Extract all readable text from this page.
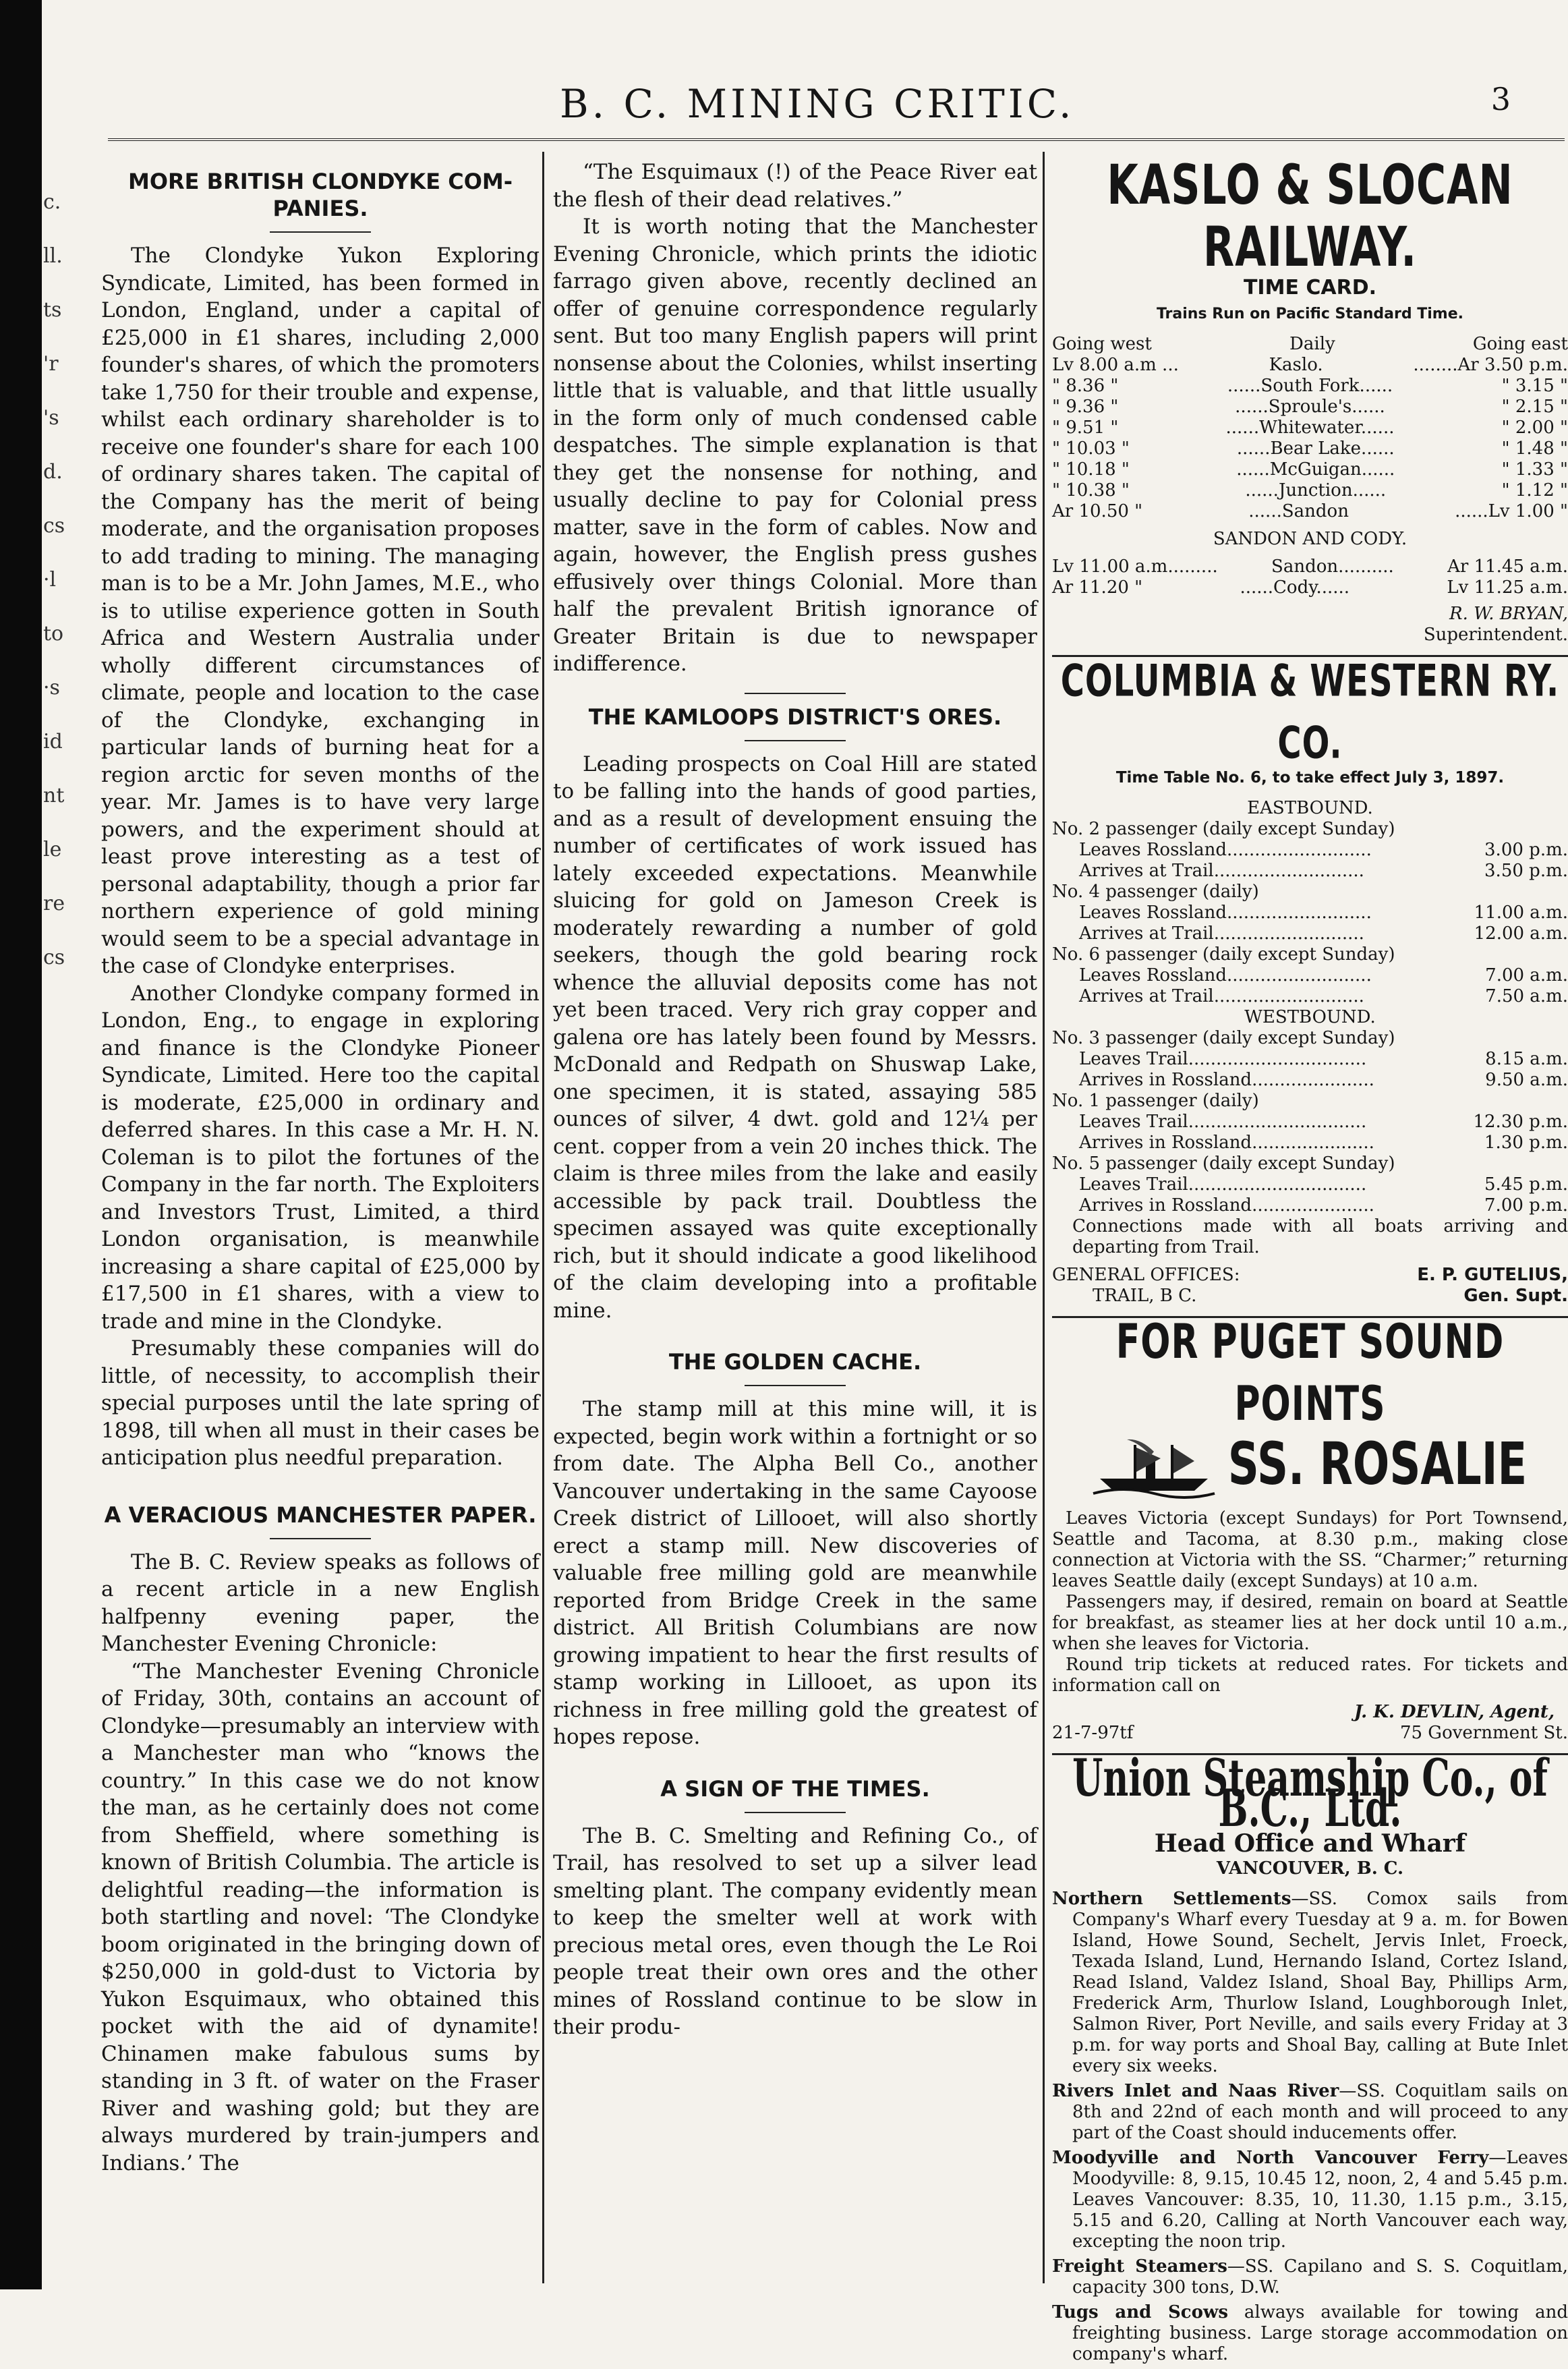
c.
ll.
ts
'r
's
d.
cs
·l
to
·s
id
nt
le
re
cs
B. C. MINING CRITIC.	3
MORE BRITISH CLONDYKE COM-PANIES.

The Clondyke Yukon Exploring Syndicate, Limited, has been formed in London, England, under a capital of £25,000 in £1 shares, including 2,000 founder's shares, of which the promoters take 1,750 for their trouble and expense, whilst each ordinary shareholder is to receive one founder's share for each 100 of ordinary shares taken. The capital of the Company has the merit of being moderate, and the organisation proposes to add trading to mining. The managing man is to be a Mr. John James, M.E., who is to utilise experience gotten in South Africa and Western Australia under wholly different circumstances of climate, people and location to the case of the Clondyke, exchanging in particular lands of burning heat for a region arctic for seven months of the year. Mr. James is to have very large powers, and the experiment should at least prove interesting as a test of personal adaptability, though a prior far northern experience of gold mining would seem to be a special advantage in the case of Clondyke enterprises.

Another Clondyke company formed in London, Eng., to engage in exploring and finance is the Clondyke Pioneer Syndicate, Limited. Here too the capital is moderate, £25,000 in ordinary and deferred shares. In this case a Mr. H. N. Coleman is to pilot the fortunes of the Company in the far north. The Exploiters and Investors Trust, Limited, a third London organisation, is meanwhile increasing a share capital of £25,000 by £17,500 in £1 shares, with a view to trade and mine in the Clondyke.

Presumably these companies will do little, of necessity, to accomplish their special purposes until the late spring of 1898, till when all must in their cases be anticipation plus needful preparation.

A VERACIOUS MANCHESTER PAPER.

The B. C. Review speaks as follows of a recent article in a new English halfpenny evening paper, the Manchester Evening Chronicle:

“The Manchester Evening Chronicle of Friday, 30th, contains an account of Clondyke—presumably an interview with a Manchester man who “knows the country.” In this case we do not know the man, as he certainly does not come from Sheffield, where something is known of British Columbia. The article is delightful reading—the information is both startling and novel: ‘The Clondyke boom originated in the bringing down of $250,000 in gold-dust to Victoria by Yukon Esquimaux, who obtained this pocket with the aid of dynamite! Chinamen make fabulous sums by standing in 3 ft. of water on the Fraser River and washing gold; but they are always murdered by train-jumpers and Indians.’ The

“The Esquimaux (!) of the Peace River eat the flesh of their dead relatives.”

It is worth noting that the Manchester Evening Chronicle, which prints the idiotic farrago given above, recently declined an offer of genuine correspondence regularly sent. But too many English papers will print nonsense about the Colonies, whilst inserting little that is valuable, and that little usually in the form only of much condensed cable despatches. The simple explanation is that they get the nonsense for nothing, and usually decline to pay for Colonial press matter, save in the form of cables. Now and again, however, the English press gushes effusively over things Colonial. More than half the prevalent British ignorance of Greater Britain is due to newspaper indifference.

THE KAMLOOPS DISTRICT'S ORES.

Leading prospects on Coal Hill are stated to be falling into the hands of good parties, and as a result of development ensuing the number of certificates of work issued has lately exceeded expectations. Meanwhile sluicing for gold on Jameson Creek is moderately rewarding a number of gold seekers, though the gold bearing rock whence the alluvial deposits come has not yet been traced. Very rich gray copper and galena ore has lately been found by Messrs. McDonald and Redpath on Shuswap Lake, one specimen, it is stated, assaying 585 ounces of silver, 4 dwt. gold and 12¼ per cent. copper from a vein 20 inches thick. The claim is three miles from the lake and easily accessible by pack trail. Doubtless the specimen assayed was quite exceptionally rich, but it should indicate a good likelihood of the claim developing into a profitable mine.

THE GOLDEN CACHE.

The stamp mill at this mine will, it is expected, begin work within a fortnight or so from date. The Alpha Bell Co., another Vancouver undertaking in the same Cayoose Creek district of Lillooet, will also shortly erect a stamp mill. New discoveries of valuable free milling gold are meanwhile reported from Bridge Creek in the same district. All British Columbians are now growing impatient to hear the first results of stamp working in Lillooet, as upon its richness in free milling gold the greatest of hopes repose.

A SIGN OF THE TIMES.

The B. C. Smelting and Refining Co., of Trail, has resolved to set up a silver lead smelting plant. The company evidently mean to keep the smelter well at work with precious metal ores, even though the Le Roi people treat their own ores and the other mines of Rossland continue to be slow in their produ-

KASLO & SLOCAN RAILWAY.
TIME CARD.
Trains Run on Pacific Standard Time.
Going west	Daily	Going east
Lv 8.00 a.m ...	Kaslo.	........Ar 3.50 p.m.
" 8.36 "	......South Fork......	" 3.15 "
" 9.36 "	......Sproule's......	" 2.15 "
" 9.51 "	......Whitewater......	" 2.00 "
" 10.03 "	......Bear Lake......	" 1.48 "
" 10.18 "	......McGuigan......	" 1.33 "
" 10.38 "	......Junction......	" 1.12 "
Ar 10.50 "	......Sandon	......Lv 1.00 "
SANDON AND CODY.
Lv 11.00 a.m.........	Sandon..........	Ar 11.45 a.m.
Ar 11.20 "	......Cody......	Lv 11.25 a.m.
R. W. BRYAN,
Superintendent.
COLUMBIA & WESTERN RY. CO.
Time Table No. 6, to take effect July 3, 1897.
EASTBOUND.
No. 2 passenger (daily except Sunday)
Leaves Rossland..........................	3.00 p.m.
Arrives at Trail...........................	3.50 p.m.
No. 4 passenger (daily)
Leaves Rossland..........................	11.00 a.m.
Arrives at Trail...........................	12.00 a.m.
No. 6 passenger (daily except Sunday)
Leaves Rossland..........................	7.00 a.m.
Arrives at Trail...........................	7.50 a.m.
WESTBOUND.
No. 3 passenger (daily except Sunday)
Leaves Trail................................	8.15 a.m.
Arrives in Rossland......................	9.50 a.m.
No. 1 passenger (daily)
Leaves Trail................................	12.30 p.m.
Arrives in Rossland......................	1.30 p.m.
No. 5 passenger (daily except Sunday)
Leaves Trail................................	5.45 p.m.
Arrives in Rossland......................	7.00 p.m.
Connections made with all boats arriving and departing from Trail.
GENERAL OFFICES:
TRAIL, B C.
E. P. GUTELIUS,
Gen. Supt.
FOR PUGET SOUND POINTS
SS. ROSALIE

Leaves Victoria (except Sundays) for Port Townsend, Seattle and Tacoma, at 8.30 p.m., making close connection at Victoria with the SS. “Charmer;” returning leaves Seattle daily (except Sundays) at 10 a.m.

Passengers may, if desired, remain on board at Seattle for breakfast, as steamer lies at her dock until 10 a.m., when she leaves for Victoria.

Round trip tickets at reduced rates. For tickets and information call on

J. K. DEVLIN, Agent,
21-7-97tf	75 Government St.
Union Steamship Co., of B.C., Ltd.
Head Office and Wharf
VANCOUVER, B. C.
Northern Settlements—SS. Comox sails from Company's Wharf every Tuesday at 9 a. m. for Bowen Island, Howe Sound, Sechelt, Jervis Inlet, Froeck, Texada Island, Lund, Hernando Island, Cortez Island, Read Island, Valdez Island, Shoal Bay, Phillips Arm, Frederick Arm, Thurlow Island, Loughborough Inlet, Salmon River, Port Neville, and sails every Friday at 3 p.m. for way ports and Shoal Bay, calling at Bute Inlet every six weeks.
Rivers Inlet and Naas River—SS. Coquitlam sails on 8th and 22nd of each month and will proceed to any part of the Coast should inducements offer.
Moodyville and North Vancouver Ferry—Leaves Moodyville: 8, 9.15, 10.45 12, noon, 2, 4 and 5.45 p.m. Leaves Vancouver: 8.35, 10, 11.30, 1.15 p.m., 3.15, 5.15 and 6.20, Calling at North Vancouver each way, excepting the noon trip.
Freight Steamers—SS. Capilano and S. S. Coquitlam, capacity 300 tons, D.W.
Tugs and Scows always available for towing and freighting business. Large storage accommodation on company's wharf.
